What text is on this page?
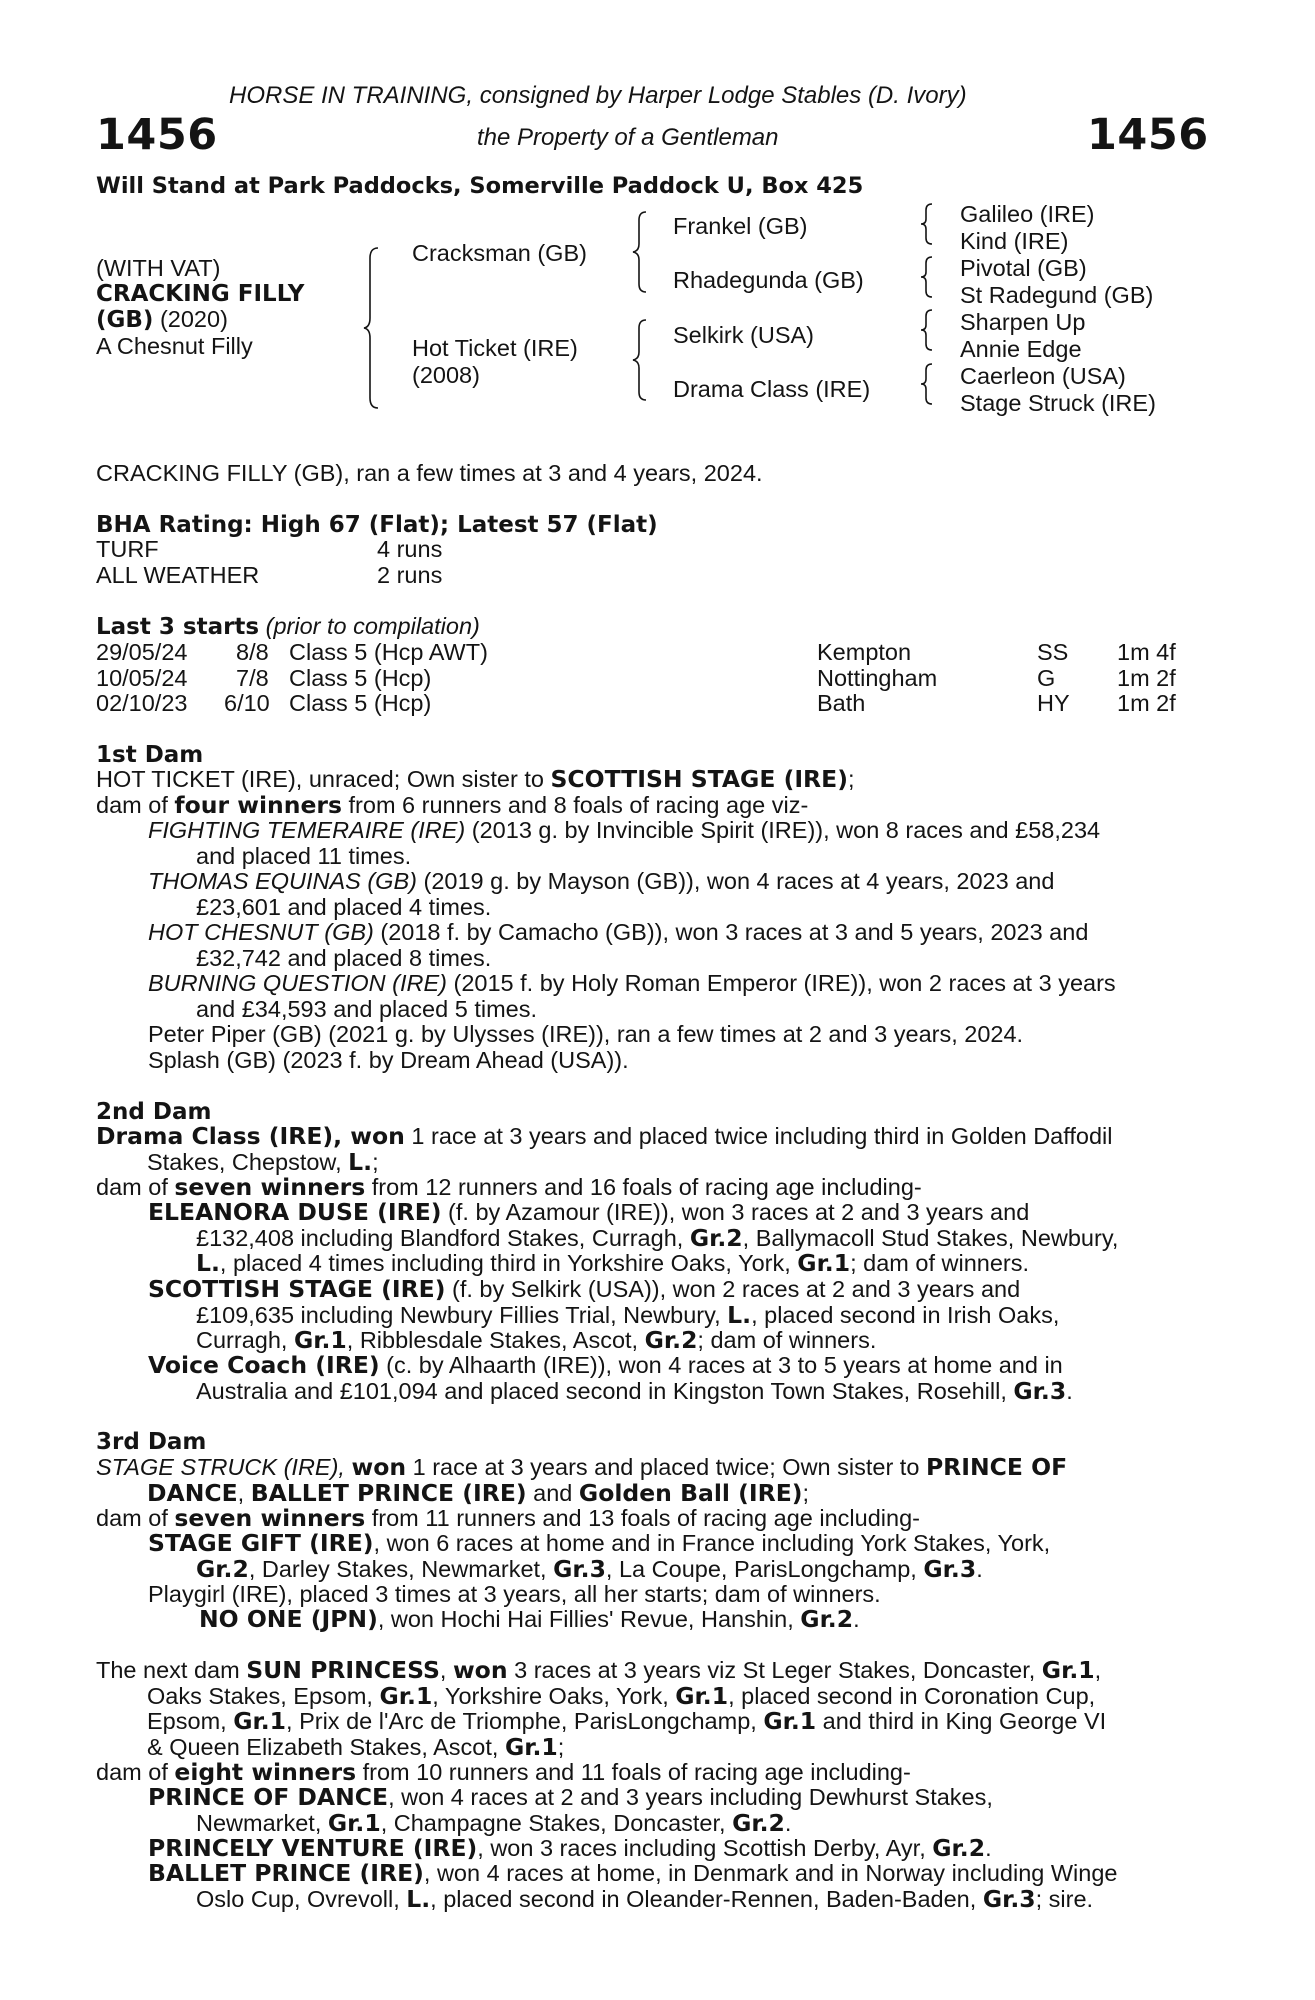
HORSE IN TRAINING, consigned by Harper Lodge Stables (D. Ivory)
1456	the Property of a Gentleman	1456
Will Stand at Park Paddocks, Somerville Paddock U, Box 425
(WITH VAT)
CRACKING FILLY
(GB) (2020)
A Chesnut Filly
Cracksman (GB)
Hot Ticket (IRE)
(2008)
Frankel (GB)
Rhadegunda (GB)
Selkirk (USA)
Drama Class (IRE)
Galileo (IRE)
Kind (IRE)
Pivotal (GB)
St Radegund (GB)
Sharpen Up
Annie Edge
Caerleon (USA)
Stage Struck (IRE)
CRACKING FILLY (GB), ran a few times at 3 and 4 years, 2024.
BHA Rating: High 67 (Flat); Latest 57 (Flat)
TURF	4 runs
ALL WEATHER	2 runs
Last 3 starts (prior to compilation)
29/05/24 8/8 Class 5 (Hcp AWT)	Kempton	SS 1m 4f
10/05/24 7/8 Class 5 (Hcp)	Nottingham	G	1m 2f
02/10/23 6/10 Class 5 (Hcp)	Bath	HY 1m 2f
1st Dam
HOT TICKET (IRE), unraced; Own sister to SCOTTISH STAGE (IRE);
dam of four winners from 6 runners and 8 foals of racing age viz-
FIGHTING TEMERAIRE (IRE) (2013 g. by Invincible Spirit (IRE)), won 8 races and £58,234
and placed 11 times.
THOMAS EQUINAS (GB) (2019 g. by Mayson (GB)), won 4 races at 4 years, 2023 and
£23,601 and placed 4 times.
HOT CHESNUT (GB) (2018 f. by Camacho (GB)), won 3 races at 3 and 5 years, 2023 and
£32,742 and placed 8 times.
BURNING QUESTION (IRE) (2015 f. by Holy Roman Emperor (IRE)), won 2 races at 3 years
and £34,593 and placed 5 times.
Peter Piper (GB) (2021 g. by Ulysses (IRE)), ran a few times at 2 and 3 years, 2024.
Splash (GB) (2023 f. by Dream Ahead (USA)).
2nd Dam
Drama Class (IRE), won 1 race at 3 years and placed twice including third in Golden Daffodil
Stakes, Chepstow, L.;
dam of seven winners from 12 runners and 16 foals of racing age including-
ELEANORA DUSE (IRE) (f. by Azamour (IRE)), won 3 races at 2 and 3 years and
£132,408 including Blandford Stakes, Curragh, Gr.2, Ballymacoll Stud Stakes, Newbury,
L., placed 4 times including third in Yorkshire Oaks, York, Gr.1; dam of winners.
SCOTTISH STAGE (IRE) (f. by Selkirk (USA)), won 2 races at 2 and 3 years and
£109,635 including Newbury Fillies Trial, Newbury, L., placed second in Irish Oaks,
Curragh, Gr.1, Ribblesdale Stakes, Ascot, Gr.2; dam of winners.
Voice Coach (IRE) (c. by Alhaarth (IRE)), won 4 races at 3 to 5 years at home and in
Australia and £101,094 and placed second in Kingston Town Stakes, Rosehill, Gr.3.
3rd Dam
STAGE STRUCK (IRE), won 1 race at 3 years and placed twice; Own sister to PRINCE OF
DANCE, BALLET PRINCE (IRE) and Golden Ball (IRE);
dam of seven winners from 11 runners and 13 foals of racing age including-
STAGE GIFT (IRE), won 6 races at home and in France including York Stakes, York,
Gr.2, Darley Stakes, Newmarket, Gr.3, La Coupe, ParisLongchamp, Gr.3.
Playgirl (IRE), placed 3 times at 3 years, all her starts; dam of winners.
NO ONE (JPN), won Hochi Hai Fillies' Revue, Hanshin, Gr.2.
The next dam SUN PRINCESS, won 3 races at 3 years viz St Leger Stakes, Doncaster, Gr.1,
Oaks Stakes, Epsom, Gr.1, Yorkshire Oaks, York, Gr.1, placed second in Coronation Cup,
Epsom, Gr.1, Prix de l'Arc de Triomphe, ParisLongchamp, Gr.1 and third in King George VI
& Queen Elizabeth Stakes, Ascot, Gr.1;
dam of eight winners from 10 runners and 11 foals of racing age including-
PRINCE OF DANCE, won 4 races at 2 and 3 years including Dewhurst Stakes,
Newmarket, Gr.1, Champagne Stakes, Doncaster, Gr.2.
PRINCELY VENTURE (IRE), won 3 races including Scottish Derby, Ayr, Gr.2.
BALLET PRINCE (IRE), won 4 races at home, in Denmark and in Norway including Winge
Oslo Cup, Ovrevoll, L., placed second in Oleander-Rennen, Baden-Baden, Gr.3; sire.
